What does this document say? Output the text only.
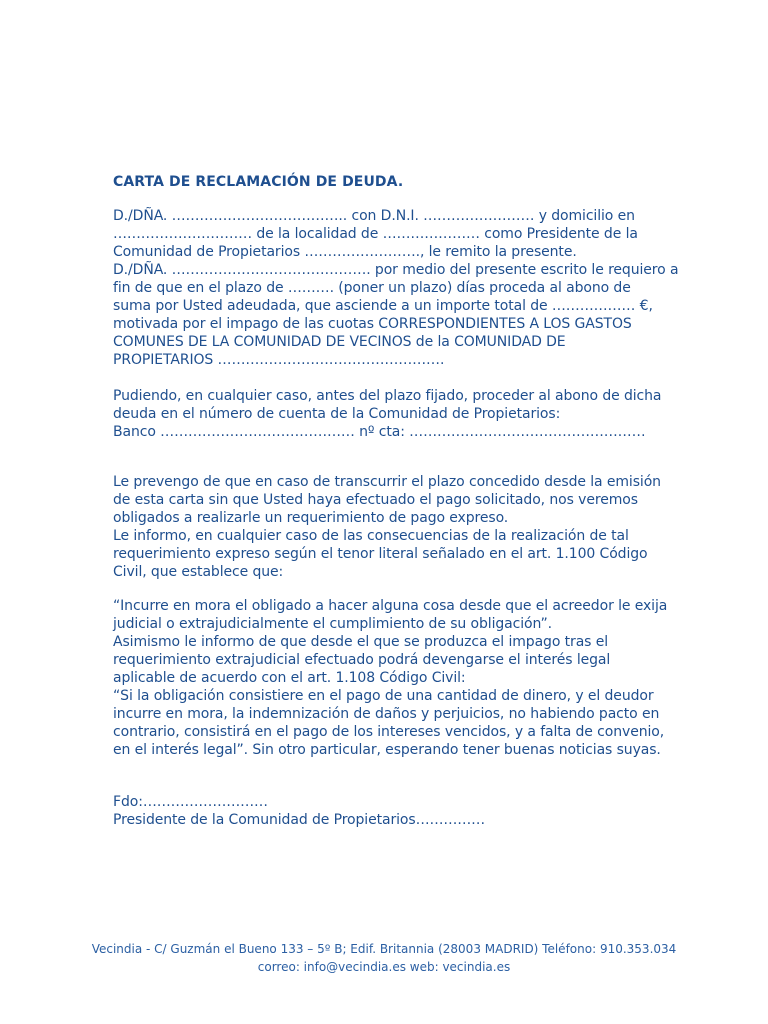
CARTA DE RECLAMACIÓN DE DEUDA.
D./DÑA. ……………………………….. con D.N.I. …………………… y domicilio en
………………………… de la localidad de ………………… como Presidente de la
Comunidad de Propietarios ……………………., le remito la presente.
D./DÑA. ……………………………………. por medio del presente escrito le requiero a
fin de que en el plazo de ………. (poner un plazo) días proceda al abono de
suma por Usted adeudada, que asciende a un importe total de ……………… €,
motivada por el impago de las cuotas CORRESPONDIENTES A LOS GASTOS
COMUNES DE LA COMUNIDAD DE VECINOS de la COMUNIDAD DE
PROPIETARIOS ………………………………………….
Pudiendo, en cualquier caso, antes del plazo fijado, proceder al abono de dicha
deuda en el número de cuenta de la Comunidad de Propietarios:
Banco …………………………………… nº cta: ……………………………………………
Le prevengo de que en caso de transcurrir el plazo concedido desde la emisión
de esta carta sin que Usted haya efectuado el pago solicitado, nos veremos
obligados a realizarle un requerimiento de pago expreso.
Le informo, en cualquier caso de las consecuencias de la realización de tal
requerimiento expreso según el tenor literal señalado en el art. 1.100 Código
Civil, que establece que:
“Incurre en mora el obligado a hacer alguna cosa desde que el acreedor le exija
judicial o extrajudicialmente el cumplimiento de su obligación”.
Asimismo le informo de que desde el que se produzca el impago tras el
requerimiento extrajudicial efectuado podrá devengarse el interés legal
aplicable de acuerdo con el art. 1.108 Código Civil:
“Si la obligación consistiere en el pago de una cantidad de dinero, y el deudor
incurre en mora, la indemnización de daños y perjuicios, no habiendo pacto en
contrario, consistirá en el pago de los intereses vencidos, y a falta de convenio,
en el interés legal”. Sin otro particular, esperando tener buenas noticias suyas.
Fdo:………………………
Presidente de la Comunidad de Propietarios……………
Vecindia - C/ Guzmán el Bueno 133 – 5º B; Edif. Britannia (28003 MADRID) Teléfono: 910.353.034
correo: info@vecindia.es web: vecindia.es
